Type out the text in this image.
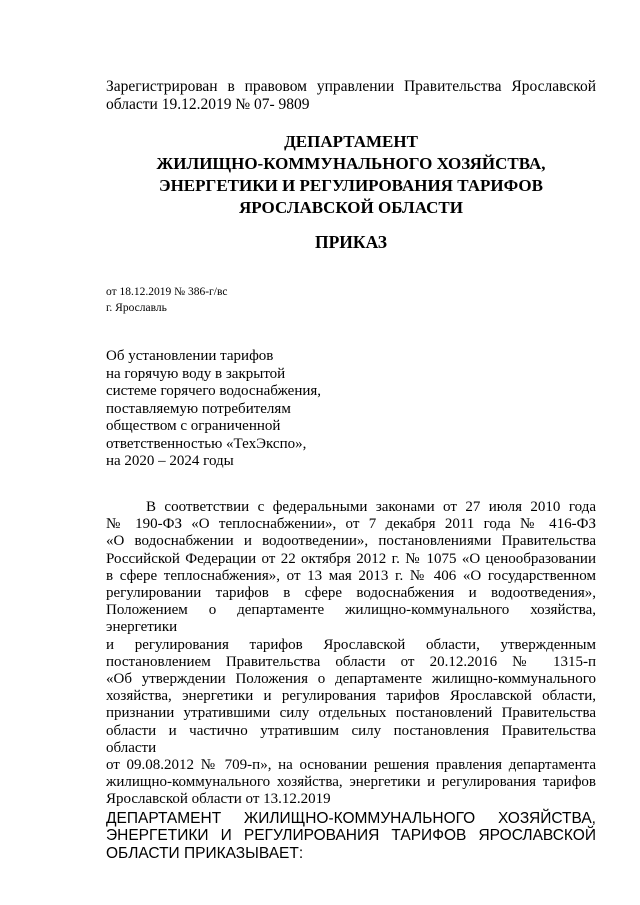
Зарегистрирован в правовом управлении Правительства Ярославской
области 19.12.2019 № 07- 9809
ДЕПАРТАМЕНТ
ЖИЛИЩНО-КОММУНАЛЬНОГО ХОЗЯЙСТВА,
ЭНЕРГЕТИКИ И РЕГУЛИРОВАНИЯ ТАРИФОВ
ЯРОСЛАВСКОЙ ОБЛАСТИ
ПРИКАЗ
от 18.12.2019 № 386-г/вс
г. Ярославль
Об установлении тарифов
на горячую воду в закрытой
системе горячего водоснабжения,
поставляемую потребителям
обществом с ограниченной
ответственностью «ТехЭкспо»,
на 2020 – 2024 годы
В соответствии с федеральными законами от 27 июля 2010 года
№ 190-ФЗ «О теплоснабжении», от 7 декабря 2011 года № 416-ФЗ
«О водоснабжении и водоотведении», постановлениями Правительства
Российской Федерации от 22 октября 2012 г. № 1075 «О ценообразовании
в сфере теплоснабжения», от 13 мая 2013 г. № 406 «О государственном
регулировании тарифов в сфере водоснабжения и водоотведения»,
Положением о департаменте жилищно-коммунального хозяйства, энергетики
и регулирования тарифов Ярославской области, утвержденным
постановлением Правительства области от 20.12.2016 № 1315-п
«Об утверждении Положения о департаменте жилищно-коммунального
хозяйства, энергетики и регулирования тарифов Ярославской области,
признании утратившими силу отдельных постановлений Правительства
области и частично утратившим силу постановления Правительства области
от 09.08.2012 № 709-п», на основании решения правления департамента
жилищно-коммунального хозяйства, энергетики и регулирования тарифов
Ярославской области от 13.12.2019
ДЕПАРТАМЕНТ ЖИЛИЩНО-КОММУНАЛЬНОГО ХОЗЯЙСТВА,
ЭНЕРГЕТИКИ И РЕГУЛИРОВАНИЯ ТАРИФОВ ЯРОСЛАВСКОЙ
ОБЛАСТИ ПРИКАЗЫВАЕТ:
